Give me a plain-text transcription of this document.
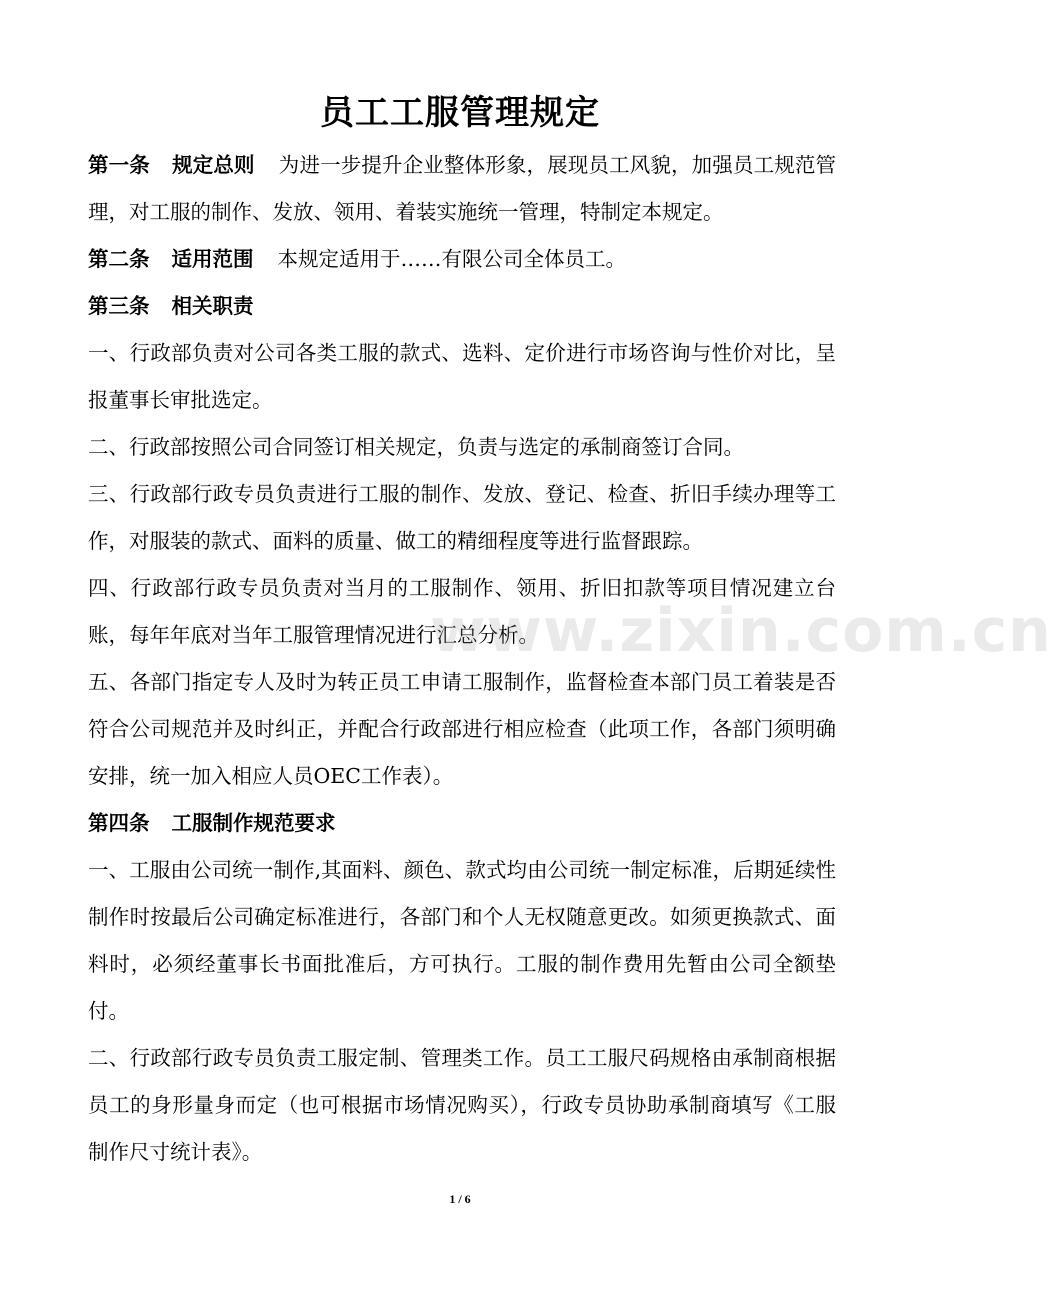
员工工服管理规定

第一条 规定总则 为进一步提升企业整体形象，展现员工风貌，加强员工规范管理，对工服的制作、发放、领用、着装实施统一管理，特制定本规定。

第二条 适用范围 本规定适用于……有限公司全体员工。

第三条 相关职责

一、行政部负责对公司各类工服的款式、选料、定价进行市场咨询与性价对比，呈报董事长审批选定。

二、行政部按照公司合同签订相关规定，负责与选定的承制商签订合同。

三、行政部行政专员负责进行工服的制作、发放、登记、检查、折旧手续办理等工作，对服装的款式、面料的质量、做工的精细程度等进行监督跟踪。

四、行政部行政专员负责对当月的工服制作、领用、折旧扣款等项目情况建立台账，每年年底对当年工服管理情况进行汇总分析。

五、各部门指定专人及时为转正员工申请工服制作，监督检查本部门员工着装是否符合公司规范并及时纠正，并配合行政部进行相应检查（此项工作，各部门须明确安排，统一加入相应人员OEC工作表）。

第四条 工服制作规范要求

一、工服由公司统一制作,其面料、颜色、款式均由公司统一制定标准，后期延续性制作时按最后公司确定标准进行，各部门和个人无权随意更改。如须更换款式、面料时，必须经董事长书面批准后，方可执行。工服的制作费用先暂由公司全额垫付。

二、行政部行政专员负责工服定制、管理类工作。员工工服尺码规格由承制商根据员工的身形量身而定（也可根据市场情况购买），行政专员协助承制商填写《工服制作尺寸统计表》。

www.zixin.com.cn
1 / 6
